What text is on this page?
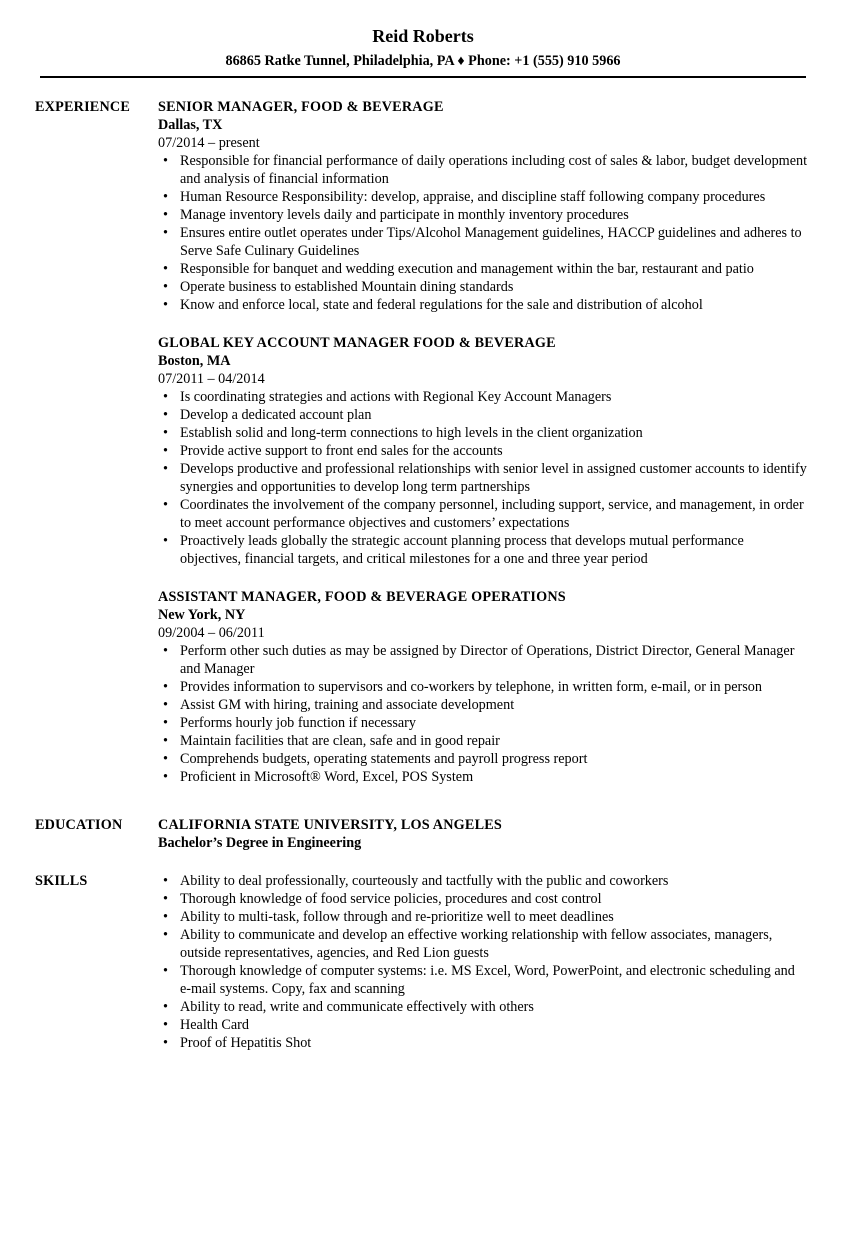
Reid Roberts
86865 Ratke Tunnel, Philadelphia, PA ♦ Phone: +1 (555) 910 5966
EXPERIENCE SENIOR MANAGER, FOOD & BEVERAGE
Dallas, TX
07/2014 – present
• Responsible for financial performance of daily operations including cost of sales & labor, budget development and analysis of financial information
• Human Resource Responsibility: develop, appraise, and discipline staff following company procedures
• Manage inventory levels daily and participate in monthly inventory procedures
• Ensures entire outlet operates under Tips/Alcohol Management guidelines, HACCP guidelines and adheres to Serve Safe Culinary Guidelines
• Responsible for banquet and wedding execution and management within the bar, restaurant and patio
• Operate business to established Mountain dining standards
• Know and enforce local, state and federal regulations for the sale and distribution of alcohol
GLOBAL KEY ACCOUNT MANAGER FOOD & BEVERAGE
Boston, MA
07/2011 – 04/2014
• Is coordinating strategies and actions with Regional Key Account Managers
• Develop a dedicated account plan
• Establish solid and long-term connections to high levels in the client organization
• Provide active support to front end sales for the accounts
• Develops productive and professional relationships with senior level in assigned customer accounts to identify synergies and opportunities to develop long term partnerships
• Coordinates the involvement of the company personnel, including support, service, and management, in order to meet account performance objectives and customers’ expectations
• Proactively leads globally the strategic account planning process that develops mutual performance objectives, financial targets, and critical milestones for a one and three year period
ASSISTANT MANAGER, FOOD & BEVERAGE OPERATIONS
New York, NY
09/2004 – 06/2011
• Perform other such duties as may be assigned by Director of Operations, District Director, General Manager and Manager
• Provides information to supervisors and co-workers by telephone, in written form, e-mail, or in person
• Assist GM with hiring, training and associate development
• Performs hourly job function if necessary
• Maintain facilities that are clean, safe and in good repair
• Comprehends budgets, operating statements and payroll progress report
• Proficient in Microsoft® Word, Excel, POS System
EDUCATION	CALIFORNIA STATE UNIVERSITY, LOS ANGELES
Bachelor’s Degree in Engineering
SKILLS
•	Ability to deal professionally, courteously and tactfully with the public and coworkers
• Thorough knowledge of food service policies, procedures and cost control
• Ability to multi-task, follow through and re-prioritize well to meet deadlines
• Ability to communicate and develop an effective working relationship with fellow associates, managers, outside representatives, agencies, and Red Lion guests
• Thorough knowledge of computer systems: i.e. MS Excel, Word, PowerPoint, and electronic scheduling and e-mail systems. Copy, fax and scanning
• Ability to read, write and communicate effectively with others
• Health Card
• Proof of Hepatitis Shot
